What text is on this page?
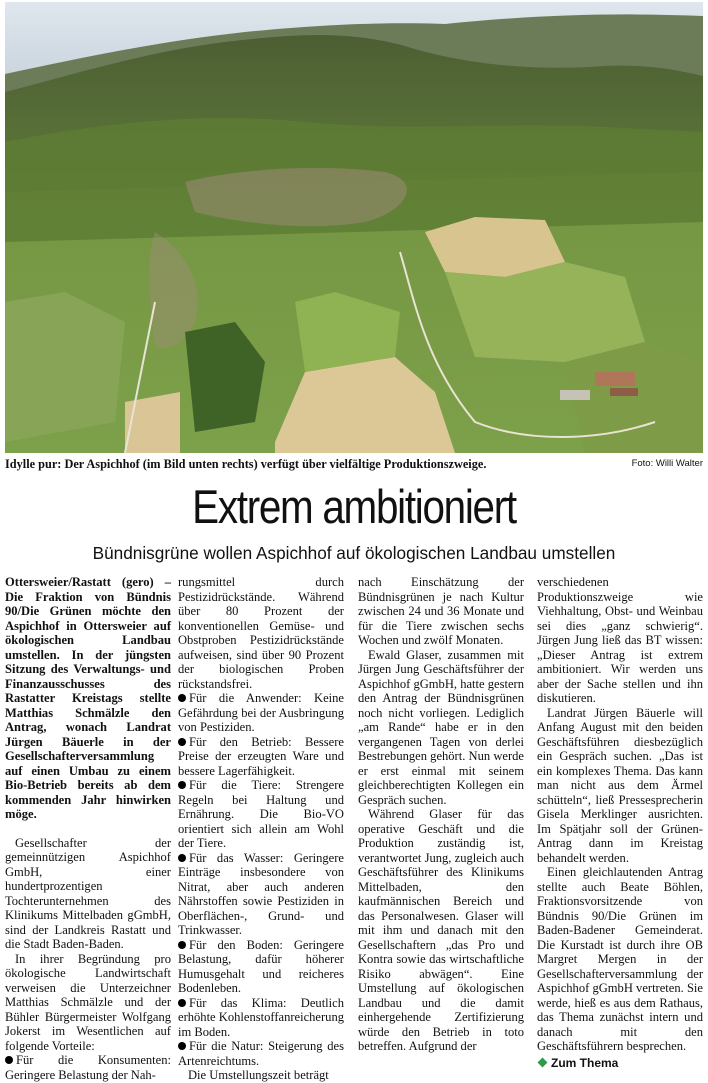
Idylle pur: Der Aspichhof (im Bild unten rechts) verfügt über vielfältige Produktionszweige.	Foto: Willi Walter
Extrem ambitioniert
Bündnisgrüne wollen Aspichhof auf ökologischen Landbau umstellen

Ottersweier/Rastatt (gero) – Die Fraktion von Bündnis 90/Die Grünen möchte den Aspichhof in Ottersweier auf ökologischen Landbau umstellen. In der jüngsten Sitzung des Verwaltungs- und Finanzausschusses des Rastatter Kreistags stellte Matthias Schmälzle den Antrag, wonach Landrat Jürgen Bäuerle in der Gesellschafterversammlung auf einen Umbau zu einem Bio-Betrieb bereits ab dem kommenden Jahr hinwirken möge.

Gesellschafter der gemeinnützigen Aspichhof GmbH, einer hundertprozentigen Tochterunternehmen des Klinikums Mittelbaden gGmbH, sind der Landkreis Rastatt und die Stadt Baden-Baden.

In ihrer Begründung pro ökologische Landwirtschaft verweisen die Unterzeichner Matthias Schmälzle und der Bühler Bürgermeister Wolfgang Jokerst im Wesentlichen auf folgende Vorteile:

Für die Konsumenten: Geringere Belastung der Nah-

rungsmittel durch Pestizidrückstände. Während über 80 Prozent der konventionellen Gemüse- und Obstproben Pestizidrückstände aufweisen, sind über 90 Prozent der biologischen Proben rückstandsfrei.

Für die Anwender: Keine Gefährdung bei der Ausbringung von Pestiziden.

Für den Betrieb: Bessere Preise der erzeugten Ware und bessere Lagerfähigkeit.

Für die Tiere: Strengere Regeln bei Haltung und Ernährung. Die Bio-VO orientiert sich allein am Wohl der Tiere.

Für das Wasser: Geringere Einträge insbesondere von Nitrat, aber auch anderen Nährstoffen sowie Pestiziden in Oberflächen-, Grund- und Trinkwasser.

Für den Boden: Geringere Belastung, dafür höherer Humusgehalt und reicheres Bodenleben.

Für das Klima: Deutlich erhöhte Kohlenstoffanreicherung im Boden.

Für die Natur: Steigerung des Artenreichtums.

Die Umstellungszeit beträgt

nach Einschätzung der Bündnisgrünen je nach Kultur zwischen 24 und 36 Monate und für die Tiere zwischen sechs Wochen und zwölf Monaten.

Ewald Glaser, zusammen mit Jürgen Jung Geschäftsführer der Aspichhof gGmbH, hatte gestern den Antrag der Bündnisgrünen noch nicht vorliegen. Lediglich „am Rande“ habe er in den vergangenen Tagen von derlei Bestrebungen gehört. Nun werde er erst einmal mit seinem gleichberechtigten Kollegen ein Gespräch suchen.

Während Glaser für das operative Geschäft und die Produktion zuständig ist, verantwortet Jung, zugleich auch Geschäftsführer des Klinikums Mittelbaden, den kaufmännischen Bereich und das Personalwesen. Glaser will mit ihm und danach mit den Gesellschaftern „das Pro und Kontra sowie das wirtschaftliche Risiko abwägen“. Eine Umstellung auf ökologischen Landbau und die damit einhergehende Zertifizierung würde den Betrieb in toto betreffen. Aufgrund der

verschiedenen Produktionszweige wie Viehhaltung, Obst- und Weinbau sei dies „ganz schwierig“. Jürgen Jung ließ das BT wissen: „Dieser Antrag ist extrem ambitioniert. Wir werden uns aber der Sache stellen und ihn diskutieren.

Landrat Jürgen Bäuerle will Anfang August mit den beiden Geschäftsführen diesbezüglich ein Gespräch suchen. „Das ist ein komplexes Thema. Das kann man nicht aus dem Ärmel schütteln“, ließ Pressesprecherin Gisela Merklinger ausrichten. Im Spätjahr soll der Grünen-Antrag dann im Kreistag behandelt werden.

Einen gleichlautenden Antrag stellte auch Beate Böhlen, Fraktionsvorsitzende von Bündnis 90/Die Grünen im Baden-Badener Gemeinderat. Die Kurstadt ist durch ihre OB Margret Mergen in der Gesellschafterversammlung der Aspichhof gGmbH vertreten. Sie werde, hieß es aus dem Rathaus, das Thema zunächst intern und danach mit den Geschäftsführern besprechen.

Zum Thema
